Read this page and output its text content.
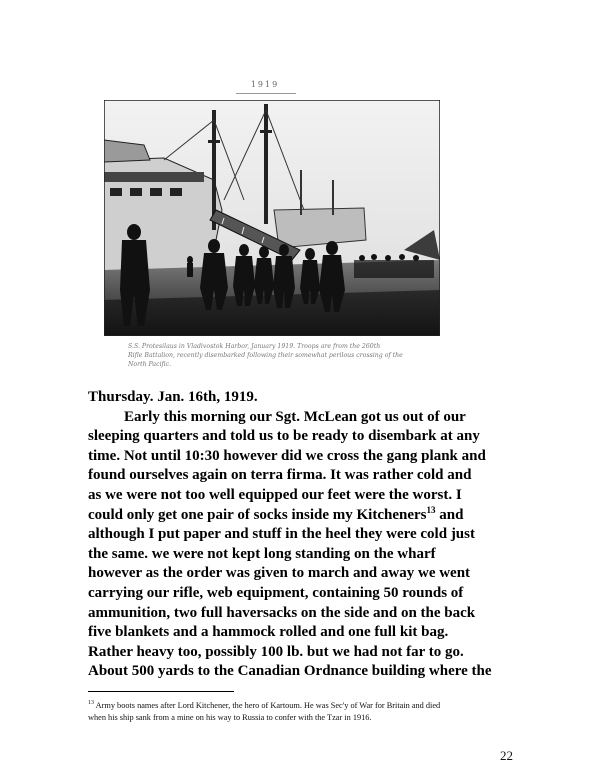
1919

S.S. Protesilaus in Vladivostok Harbor, January 1919. Troops are from the 260th

Rifle Battalion, recently disembarked following their somewhat perilous crossing of the

North Pacific.

Thursday. Jan. 16th, 1919.
Early this morning our Sgt. McLean got us out of our
sleeping quarters and told us to be ready to disembark at any
time. Not until 10:30 however did we cross the gang plank and
found ourselves again on terra firma. It was rather cold and
as we were not too well equipped our feet were the worst. I
could only get one pair of socks inside my Kitcheners$^{13}$ and
although I put paper and stuff in the heel they were cold just
the same. we were not kept long standing on the wharf
however as the order was given to march and away we went
carrying our rifle, web equipment, containing 50 rounds of
ammunition, two full haversacks on the side and on the back
five blankets and a hammock rolled and one full kit bag.
Rather heavy too, possibly 100 lb. but we had not far to go.
About 500 yards to the Canadian Ordnance building where the

$^{13}$ Army boots names after Lord Kitchener, the hero of Kartoum. He was Sec'y of War for Britain and died

when his ship sank from a mine on his way to Russia to confer with the Tzar in 1916.

22
